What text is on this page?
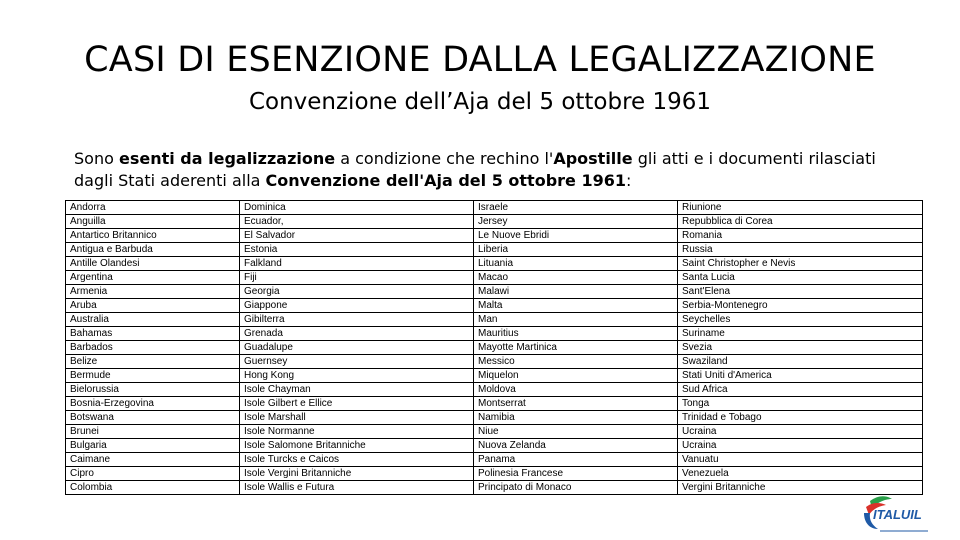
CASI DI ESENZIONE DALLA LEGALIZZAZIONE
Convenzione dell’Aja del 5 ottobre 1961
Sono esenti da legalizzazione a condizione che rechino l'Apostille gli atti e i documenti rilasciati dagli Stati aderenti alla Convenzione dell'Aja del 5 ottobre 1961:
Andorra	Dominica	Israele	Riunione
Anguilla	Ecuador,	Jersey	Repubblica di Corea
Antartico Britannico	El Salvador	Le Nuove Ebridi	Romania
Antigua e Barbuda	Estonia	Liberia	Russia
Antille Olandesi	Falkland	Lituania	Saint Christopher e Nevis
Argentina	Fiji	Macao	Santa Lucia
Armenia	Georgia	Malawi	Sant'Elena
Aruba	Giappone	Malta	Serbia-Montenegro
Australia	Gibilterra	Man	Seychelles
Bahamas	Grenada	Mauritius	Suriname
Barbados	Guadalupe	Mayotte Martinica	Svezia
Belize	Guernsey	Messico	Swaziland
Bermude	Hong Kong	Miquelon	Stati Uniti d'America
Bielorussia	Isole Chayman	Moldova	Sud Africa
Bosnia-Erzegovina	Isole Gilbert e Ellice	Montserrat	Tonga
Botswana	Isole Marshall	Namibia	Trinidad e Tobago
Brunei	Isole Normanne	Niue	Ucraina
Bulgaria	Isole Salomone Britanniche	Nuova Zelanda	Ucraina
Caimane	Isole Turcks e Caicos	Panama	Vanuatu
Cipro	Isole Vergini Britanniche	Polinesia Francese	Venezuela
Colombia	Isole Wallis e Futura	Principato di Monaco	Vergini Britanniche
ITALUIL
